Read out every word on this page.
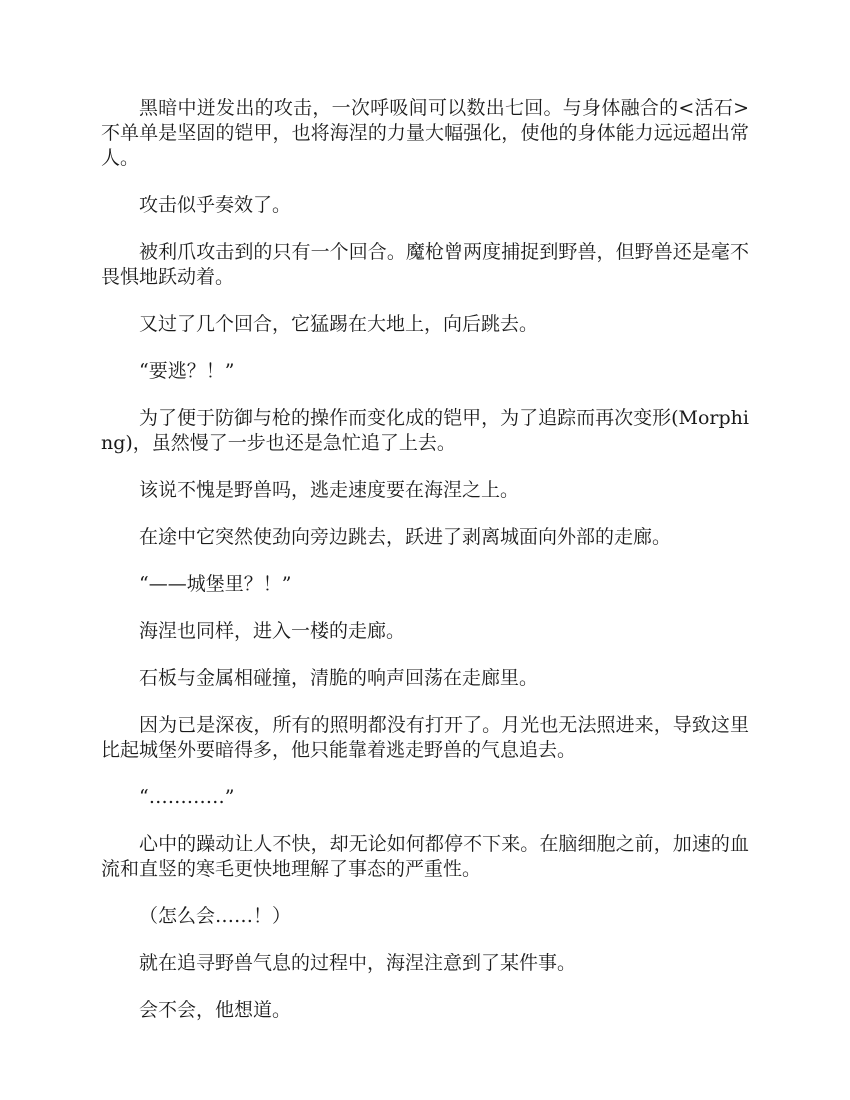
黑暗中迸发出的攻击，一次呼吸间可以数出七回。与身体融合的<活石>不单单是坚固的铠甲，也将海涅的力量大幅强化，使他的身体能力远远超出常人。

攻击似乎奏效了。

被利爪攻击到的只有一个回合。魔枪曾两度捕捉到野兽，但野兽还是毫不畏惧地跃动着。

又过了几个回合，它猛踢在大地上，向后跳去。

“要逃？！”

为了便于防御与枪的操作而变化成的铠甲，为了追踪而再次变形(Morphing)，虽然慢了一步也还是急忙追了上去。

该说不愧是野兽吗，逃走速度要在海涅之上。

在途中它突然使劲向旁边跳去，跃进了剥离城面向外部的走廊。

“——城堡里？！”

海涅也同样，进入一楼的走廊。

石板与金属相碰撞，清脆的响声回荡在走廊里。

因为已是深夜，所有的照明都没有打开了。月光也无法照进来，导致这里比起城堡外要暗得多，他只能靠着逃走野兽的气息追去。

“…………”

心中的躁动让人不快，却无论如何都停不下来。在脑细胞之前，加速的血流和直竖的寒毛更快地理解了事态的严重性。

（怎么会……！）

就在追寻野兽气息的过程中，海涅注意到了某件事。

会不会，他想道。
